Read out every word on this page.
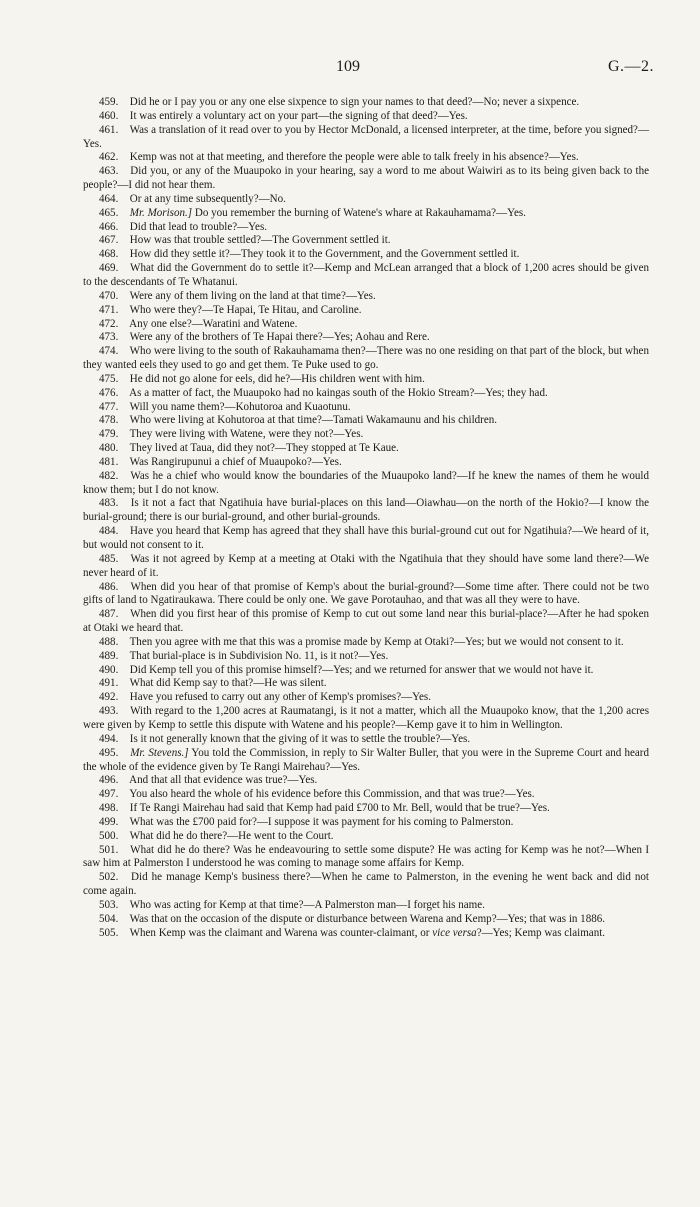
109	G.—2.

459. Did he or I pay you or any one else sixpence to sign your names to that deed?—No; never a sixpence.

460. It was entirely a voluntary act on your part—the signing of that deed?—Yes.

461. Was a translation of it read over to you by Hector McDonald, a licensed interpreter, at the time, before you signed?—Yes.

462. Kemp was not at that meeting, and therefore the people were able to talk freely in his absence?—Yes.

463. Did you, or any of the Muaupoko in your hearing, say a word to me about Waiwiri as to its being given back to the people?—I did not hear them.

464. Or at any time subsequently?—No.

465. Mr. Morison.] Do you remember the burning of Watene's whare at Rakauhamama?—Yes.

466. Did that lead to trouble?—Yes.

467. How was that trouble settled?—The Government settled it.

468. How did they settle it?—They took it to the Government, and the Government settled it.

469. What did the Government do to settle it?—Kemp and McLean arranged that a block of 1,200 acres should be given to the descendants of Te Whatanui.

470. Were any of them living on the land at that time?—Yes.

471. Who were they?—Te Hapai, Te Hitau, and Caroline.

472. Any one else?—Waratini and Watene.

473. Were any of the brothers of Te Hapai there?—Yes; Aohau and Rere.

474. Who were living to the south of Rakauhamama then?—There was no one residing on that part of the block, but when they wanted eels they used to go and get them. Te Puke used to go.

475. He did not go alone for eels, did he?—His children went with him.

476. As a matter of fact, the Muaupoko had no kaingas south of the Hokio Stream?—Yes; they had.

477. Will you name them?—Kohutoroa and Kuaotunu.

478. Who were living at Kohutoroa at that time?—Tamati Wakamaunu and his children.

479. They were living with Watene, were they not?—Yes.

480. They lived at Taua, did they not?—They stopped at Te Kaue.

481. Was Rangirupunui a chief of Muaupoko?—Yes.

482. Was he a chief who would know the boundaries of the Muaupoko land?—If he knew the names of them he would know them; but I do not know.

483. Is it not a fact that Ngatihuia have burial-places on this land—Oiawhau—on the north of the Hokio?—I know the burial-ground; there is our burial-ground, and other burial-grounds.

484. Have you heard that Kemp has agreed that they shall have this burial-ground cut out for Ngatihuia?—We heard of it, but would not consent to it.

485. Was it not agreed by Kemp at a meeting at Otaki with the Ngatihuia that they should have some land there?—We never heard of it.

486. When did you hear of that promise of Kemp's about the burial-ground?—Some time after. There could not be two gifts of land to Ngatiraukawa. There could be only one. We gave Porotauhao, and that was all they were to have.

487. When did you first hear of this promise of Kemp to cut out some land near this burial-place?—After he had spoken at Otaki we heard that.

488. Then you agree with me that this was a promise made by Kemp at Otaki?—Yes; but we would not consent to it.

489. That burial-place is in Subdivision No. 11, is it not?—Yes.

490. Did Kemp tell you of this promise himself?—Yes; and we returned for answer that we would not have it.

491. What did Kemp say to that?—He was silent.

492. Have you refused to carry out any other of Kemp's promises?—Yes.

493. With regard to the 1,200 acres at Raumatangi, is it not a matter, which all the Muaupoko know, that the 1,200 acres were given by Kemp to settle this dispute with Watene and his people?—Kemp gave it to him in Wellington.

494. Is it not generally known that the giving of it was to settle the trouble?—Yes.

495. Mr. Stevens.] You told the Commission, in reply to Sir Walter Buller, that you were in the Supreme Court and heard the whole of the evidence given by Te Rangi Mairehau?—Yes.

496. And that all that evidence was true?—Yes.

497. You also heard the whole of his evidence before this Commission, and that was true?—Yes.

498. If Te Rangi Mairehau had said that Kemp had paid £700 to Mr. Bell, would that be true?—Yes.

499. What was the £700 paid for?—I suppose it was payment for his coming to Palmerston.

500. What did he do there?—He went to the Court.

501. What did he do there? Was he endeavouring to settle some dispute? He was acting for Kemp was he not?—When I saw him at Palmerston I understood he was coming to manage some affairs for Kemp.

502. Did he manage Kemp's business there?—When he came to Palmerston, in the evening he went back and did not come again.

503. Who was acting for Kemp at that time?—A Palmerston man—I forget his name.

504. Was that on the occasion of the dispute or disturbance between Warena and Kemp?—Yes; that was in 1886.

505. When Kemp was the claimant and Warena was counter-claimant, or vice versa?—Yes; Kemp was claimant.
